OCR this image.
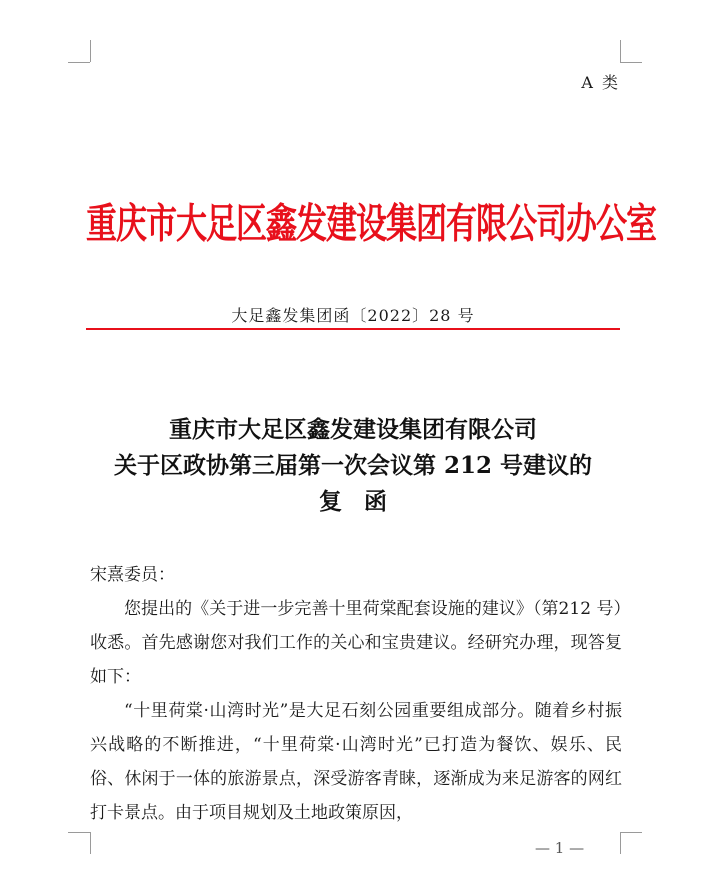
A 类
重庆市大足区鑫发建设集团有限公司办公室
大足鑫发集团函〔2022〕28 号
重庆市大足区鑫发建设集团有限公司
关于区政协第三届第一次会议第 212 号建议的
复函

宋熹委员：

您提出的《关于进一步完善十里荷棠配套设施的建议》（第212 号）收悉。首先感谢您对我们工作的关心和宝贵建议。经研究办理，现答复如下：

“十里荷棠·山湾时光”是大足石刻公园重要组成部分。随着乡村振兴战略的不断推进，“十里荷棠·山湾时光”已打造为餐饮、娱乐、民俗、休闲于一体的旅游景点，深受游客青睐，逐渐成为来足游客的网红打卡景点。由于项目规划及土地政策原因，

— 1 —
